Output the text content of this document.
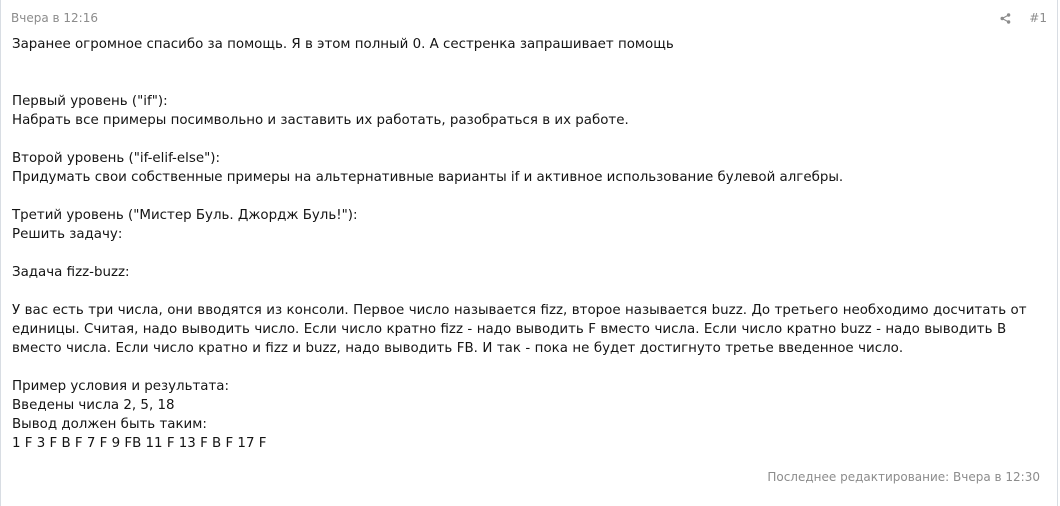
Вчера в 12:16	#1
Заранее огромное спасибо за помощь. Я в этом полный 0. А сестренка запрашивает помощь
Первый уровень ("if"):
Набрать все примеры посимвольно и заставить их работать, разобраться в их работе.
Второй уровень ("if-elif-else"):
Придумать свои собственные примеры на альтернативные варианты if и активное использование булевой алгебры.
Третий уровень ("Мистер Буль. Джордж Буль!"):
Решить задачу:
Задача fizz-buzz:
У вас есть три числа, они вводятся из консоли. Первое число называется fizz, второе называется buzz. До третьего необходимо досчитать от единицы. Считая, надо выводить число. Если число кратно fizz - надо выводить F вместо числа. Если число кратно buzz - надо выводить B вместо числа. Если число кратно и fizz и buzz, надо выводить FB. И так - пока не будет достигнуто третье введенное число.
Пример условия и результата:
Введены числа 2, 5, 18
Вывод должен быть таким:
1 F 3 F B F 7 F 9 FB 11 F 13 F B F 17 F
Последнее редактирование: Вчера в 12:30
